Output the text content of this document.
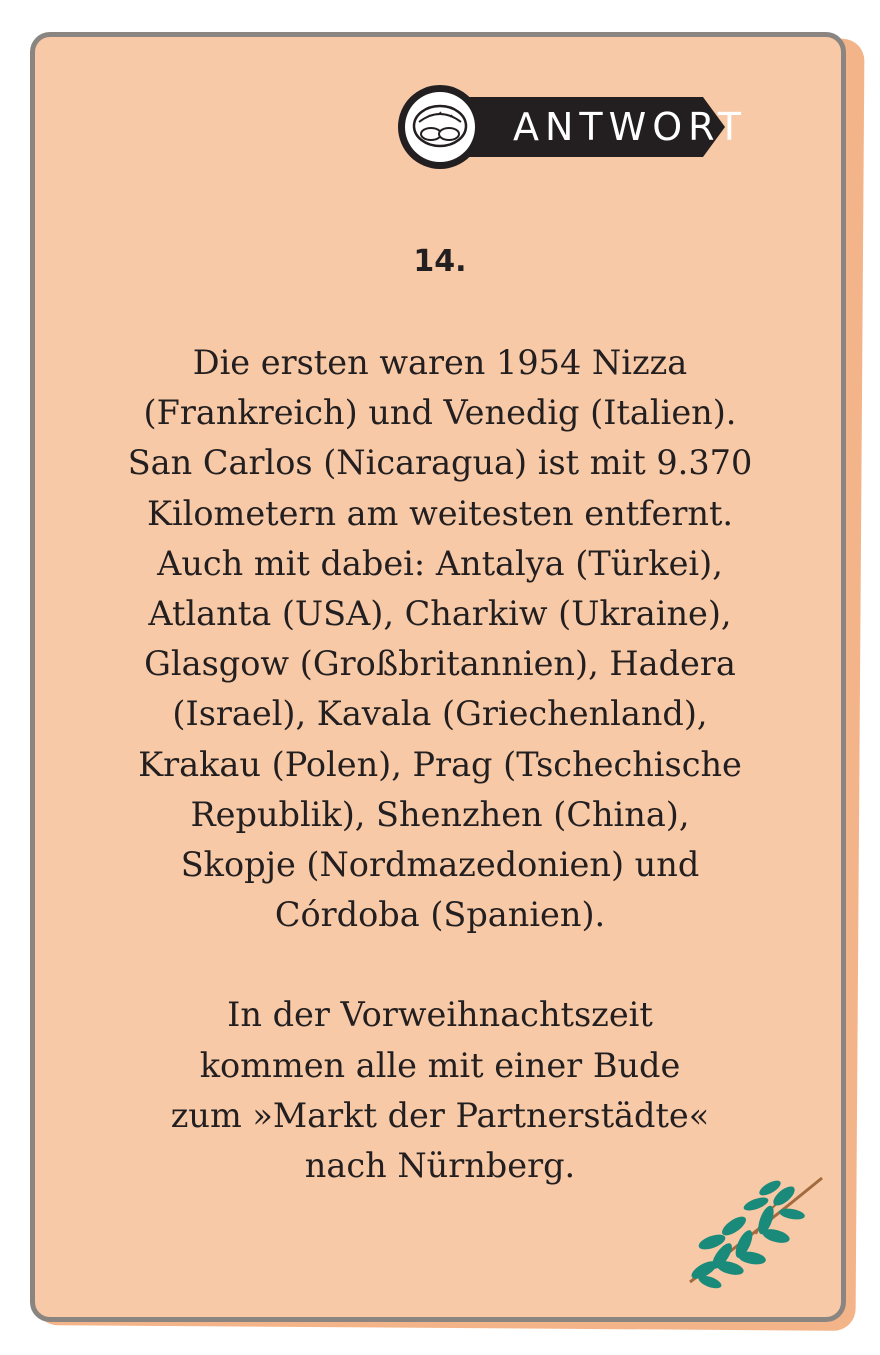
ANTWORT
14.
Die ersten waren 1954 Nizza
(Frankreich) und Venedig (Italien).
San Carlos (Nicaragua) ist mit 9.370
Kilometern am weitesten entfernt.
Auch mit dabei: Antalya (Türkei),
Atlanta (USA), Charkiw (Ukraine),
Glasgow (Großbritannien), Hadera
(Israel), Kavala (Griechenland),
Krakau (Polen), Prag (Tschechische
Republik), Shenzhen (China),
Skopje (Nordmazedonien) und
Córdoba (Spanien).
In der Vorweihnachtszeit
kommen alle mit einer Bude
zum »Markt der Partnerstädte«
nach Nürnberg.
